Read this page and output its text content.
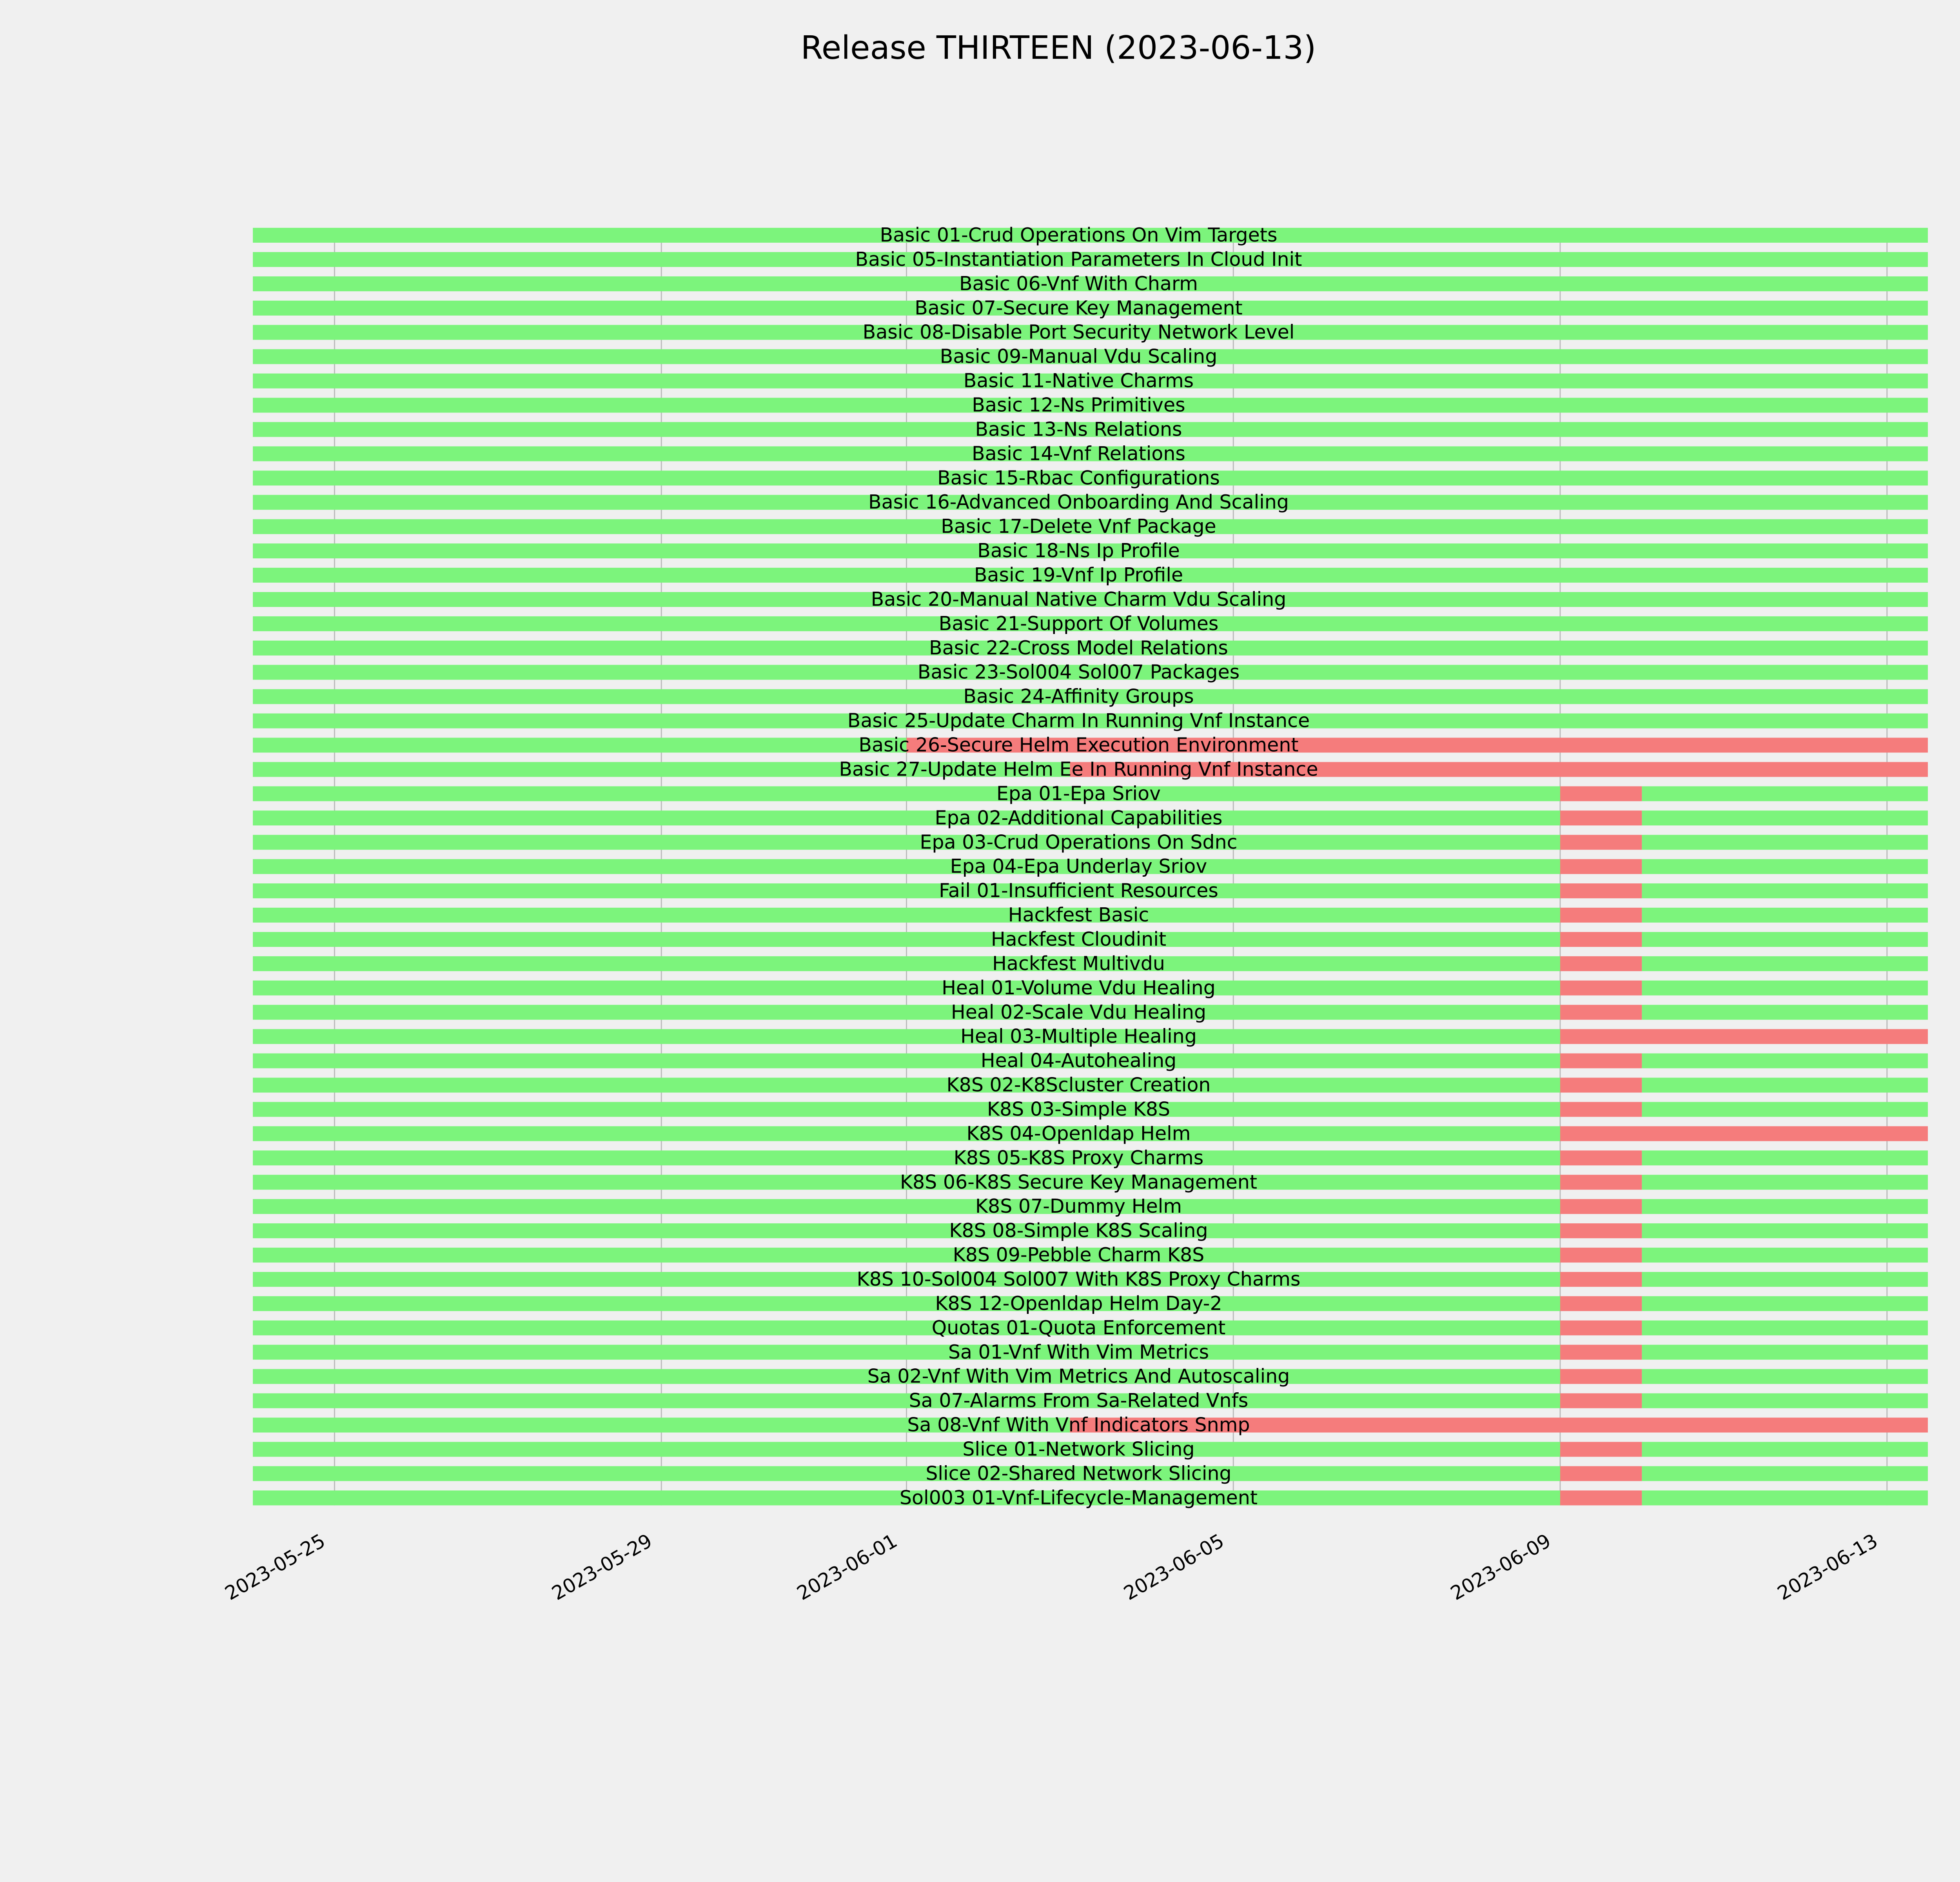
Release THIRTEEN (2023-06-13)
Basic 01-Crud Operations On Vim Targets
Basic 05-Instantiation Parameters In Cloud Init
Basic 06-Vnf With Charm
Basic 07-Secure Key Management
Basic 08-Disable Port Security Network Level
Basic 09-Manual Vdu Scaling
Basic 11-Native Charms
Basic 12-Ns Primitives
Basic 13-Ns Relations
Basic 14-Vnf Relations
Basic 15-Rbac Configurations
Basic 16-Advanced Onboarding And Scaling
Basic 17-Delete Vnf Package
Basic 18-Ns Ip Profile
Basic 19-Vnf Ip Profile
Basic 20-Manual Native Charm Vdu Scaling
Basic 21-Support Of Volumes
Basic 22-Cross Model Relations
Basic 23-Sol004 Sol007 Packages
Basic 24-Affinity Groups
Basic 25-Update Charm In Running Vnf Instance
Basic 26-Secure Helm Execution Environment
Basic 27-Update Helm Ee In Running Vnf Instance
Epa 01-Epa Sriov
Epa 02-Additional Capabilities
Epa 03-Crud Operations On Sdnc
Epa 04-Epa Underlay Sriov
Fail 01-Insufficient Resources
Hackfest Basic
Hackfest Cloudinit
Hackfest Multivdu
Heal 01-Volume Vdu Healing
Heal 02-Scale Vdu Healing
Heal 03-Multiple Healing
Heal 04-Autohealing
K8S 02-K8Scluster Creation
K8S 03-Simple K8S
K8S 04-Openldap Helm
K8S 05-K8S Proxy Charms
K8S 06-K8S Secure Key Management
K8S 07-Dummy Helm
K8S 08-Simple K8S Scaling
K8S 09-Pebble Charm K8S
K8S 10-Sol004 Sol007 With K8S Proxy Charms
K8S 12-Openldap Helm Day-2
Quotas 01-Quota Enforcement
Sa 01-Vnf With Vim Metrics
Sa 02-Vnf With Vim Metrics And Autoscaling
Sa 07-Alarms From Sa-Related Vnfs
Sa 08-Vnf With Vnf Indicators Snmp
Slice 01-Network Slicing
Slice 02-Shared Network Slicing
Sol003 01-Vnf-Lifecycle-Management
2023-05-25	2023-05-29	2023-06-01	2023-06-05	2023-06-09	2023-06-13
